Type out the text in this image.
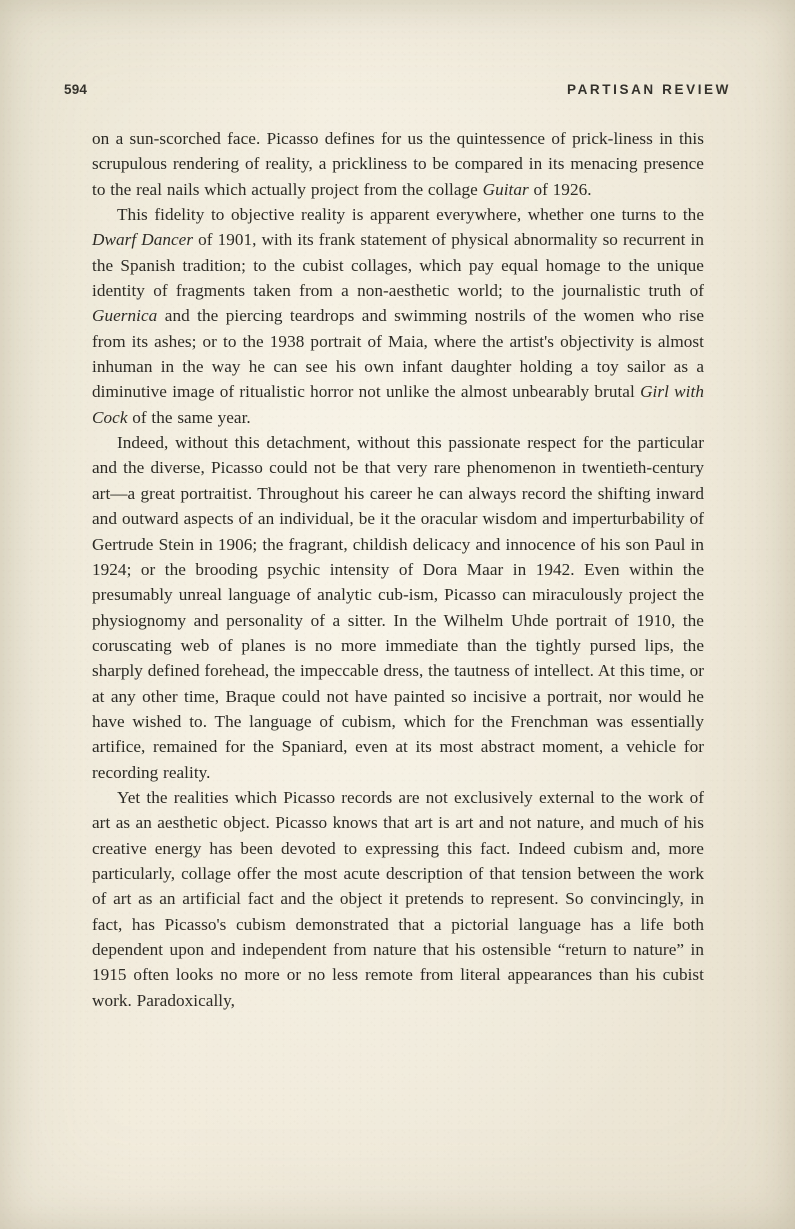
594	PARTISAN REVIEW

on a sun-scorched face. Picasso defines for us the quintessence of prick-liness in this scrupulous rendering of reality, a prickliness to be compared in its menacing presence to the real nails which actually project from the collage Guitar of 1926.

This fidelity to objective reality is apparent everywhere, whether one turns to the Dwarf Dancer of 1901, with its frank statement of physical abnormality so recurrent in the Spanish tradition; to the cubist collages, which pay equal homage to the unique identity of fragments taken from a non-aesthetic world; to the journalistic truth of Guernica and the piercing teardrops and swimming nostrils of the women who rise from its ashes; or to the 1938 portrait of Maia, where the artist's objectivity is almost inhuman in the way he can see his own infant daughter holding a toy sailor as a diminutive image of ritualistic horror not unlike the almost unbearably brutal Girl with Cock of the same year.

Indeed, without this detachment, without this passionate respect for the particular and the diverse, Picasso could not be that very rare phenomenon in twentieth-century art—a great portraitist. Throughout his career he can always record the shifting inward and outward aspects of an individual, be it the oracular wisdom and imperturbability of Gertrude Stein in 1906; the fragrant, childish delicacy and innocence of his son Paul in 1924; or the brooding psychic intensity of Dora Maar in 1942. Even within the presumably unreal language of analytic cub-ism, Picasso can miraculously project the physiognomy and personality of a sitter. In the Wilhelm Uhde portrait of 1910, the coruscating web of planes is no more immediate than the tightly pursed lips, the sharply defined forehead, the impeccable dress, the tautness of intellect. At this time, or at any other time, Braque could not have painted so incisive a portrait, nor would he have wished to. The language of cubism, which for the Frenchman was essentially artifice, remained for the Spaniard, even at its most abstract moment, a vehicle for recording reality.

Yet the realities which Picasso records are not exclusively external to the work of art as an aesthetic object. Picasso knows that art is art and not nature, and much of his creative energy has been devoted to expressing this fact. Indeed cubism and, more particularly, collage offer the most acute description of that tension between the work of art as an artificial fact and the object it pretends to represent. So convincingly, in fact, has Picasso's cubism demonstrated that a pictorial language has a life both dependent upon and independent from nature that his ostensible “return to nature” in 1915 often looks no more or no less remote from literal appearances than his cubist work. Paradoxically,
